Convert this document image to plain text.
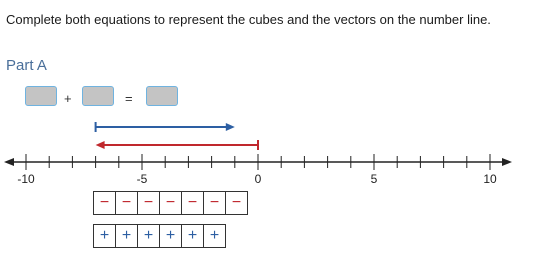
Complete both equations to represent the cubes and the vectors on the number line.
Part A
+	=
-10	-5	0	5	10
− − − − − − −
+ + + + + +
